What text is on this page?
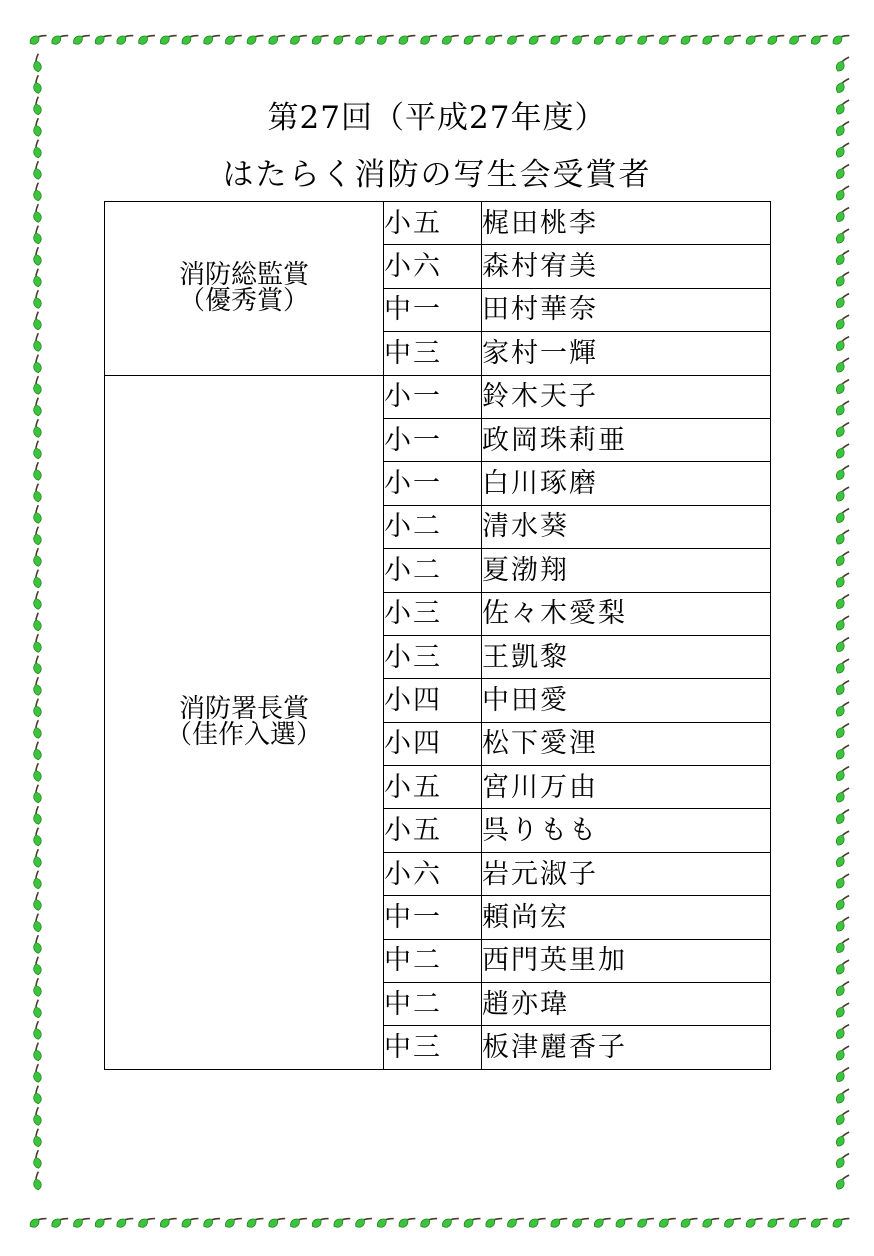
第27回（平成27年度）
はたらく消防の写生会受賞者
消防総監賞
（優秀賞）	小五	梶田桃李
	小六	森村宥美
	中一	田村華奈
	中三	家村一輝

消防署長賞
（佳作入選）	小一	鈴木天子
	小一	政岡珠莉亜
	小一	白川琢磨
	小二	清水葵
	小二	夏渤翔
	小三	佐々木愛梨
	小三	王凱黎
	小四	中田愛
	小四	松下愛浬
	小五	宮川万由
	小五	呉りもも
	小六	岩元淑子
	中一	頼尚宏
	中二	西門英里加
	中二	趙亦瑋
	中三	板津麗香子
